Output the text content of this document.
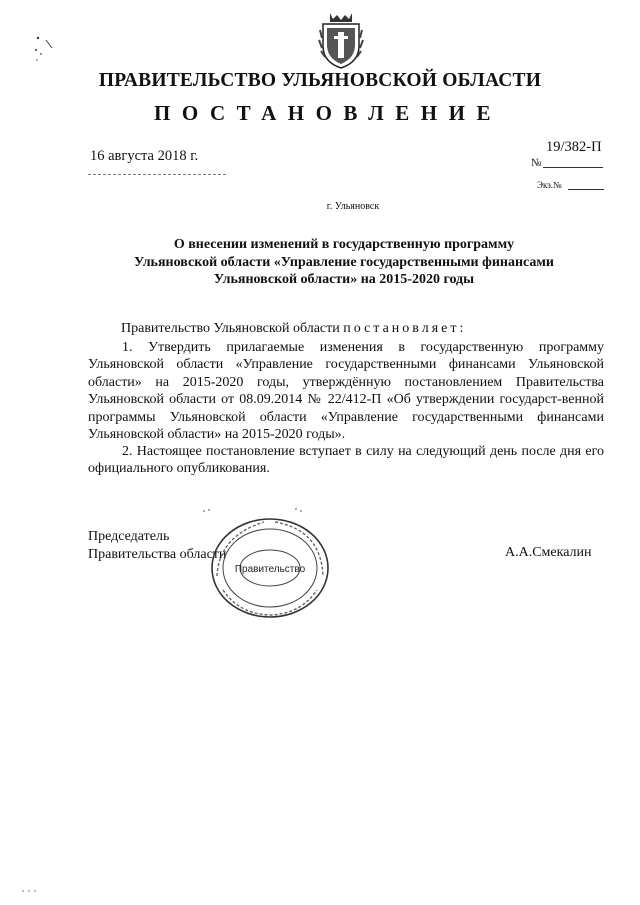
ПРАВИТЕЛЬСТВО УЛЬЯНОВСКОЙ ОБЛАСТИ
ПОСТАНОВЛЕНИЕ
16 августа 2018 г.
19/382-П
№
Экз.№
г. Ульяновск
О внесении изменений в государственную программу
Ульяновской области «Управление государственными финансами
Ульяновской области» на 2015-2020 годы
Правительство Ульяновской области постановляет:
1. Утвердить прилагаемые изменения в государственную программу Ульяновской области «Управление государственными финансами Ульяновской области» на 2015-2020 годы, утверждённую постановлением Правительства Ульяновской области от 08.09.2014 № 22/412-П «Об утверждении государст-венной программы Ульяновской области «Управление государственными финансами Ульяновской области» на 2015-2020 годы».
2. Настоящее постановление вступает в силу на следующий день после дня его официального опубликования.
Председатель
Правительства области	А.А.Смекалин
Правительство
